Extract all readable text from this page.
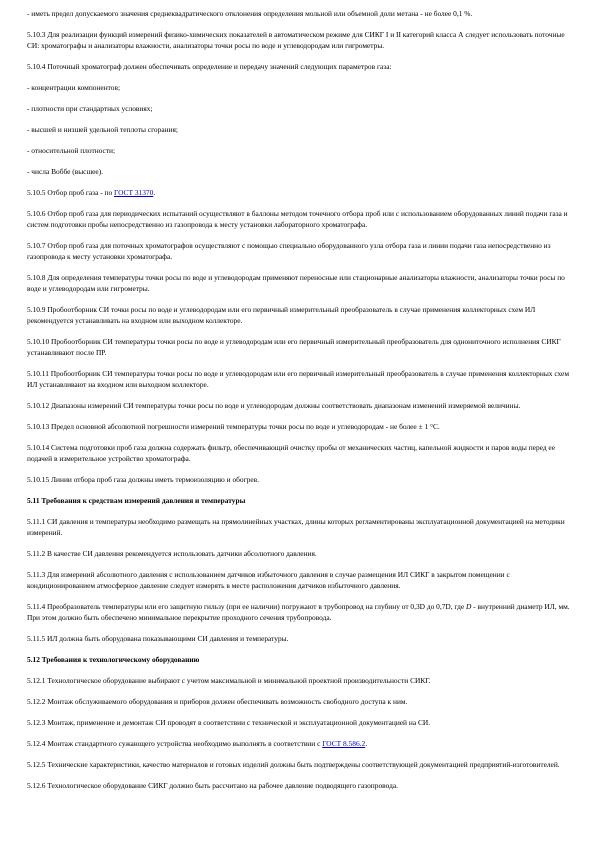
- иметь предел допускаемого значения среднеквадратического отклонения определения мольной или объемной доли метана - не более 0,1 %.

5.10.3 Для реализации функций измерений физико-химических показателей в автоматическом режиме для СИКГ I и II категорий класса А следует использовать поточные СИ: хроматографы и анализаторы влажности, анализаторы точки росы по воде и углеводородам или гигрометры.

5.10.4 Поточный хроматограф должен обеспечивать определение и передачу значений следующих параметров газа:

- концентрации компонентов;

- плотности при стандартных условиях;

- высшей и низшей удельной теплоты сгорания;

- относительной плотности;

- числа Воббе (высшее).

5.10.5 Отбор проб газа - по ГОСТ 31370.

5.10.6 Отбор проб газа для периодических испытаний осуществляют в баллоны методом точечного отбора проб или с использованием оборудованных линий подачи газа и систем подготовки пробы непосредственно из газопровода к месту установки лабораторного хроматографа.

5.10.7 Отбор проб газа для поточных хроматографов осуществляют с помощью специально оборудованного узла отбора газа и линии подачи газа непосредственно из газопровода к месту установки хроматографа.

5.10.8 Для определения температуры точки росы по воде и углеводородам применяют переносные или стационарные анализаторы влажности, анализаторы точки росы по воде и углеводородам или гигрометры.

5.10.9 Пробоотборник СИ точки росы по воде и углеводородам или его первичный измерительный преобразователь в случае применения коллекторных схем ИЛ рекомендуется устанавливать на входном или выходном коллекторе.

5.10.10 Пробоотборник СИ температуры точки росы по воде и углеводородам или его первичный измерительный преобразователь для однониточного исполнения СИКГ устанавливают после ПР.

5.10.11 Пробоотборник СИ температуры точки росы по воде и углеводородам или его первичный измерительный преобразователь в случае применения коллекторных схем ИЛ устанавливают на входном или выходном коллекторе.

5.10.12 Диапазоны измерений СИ температуры точки росы по воде и углеводородам должны соответствовать диапазонам изменений измеряемой величины.

5.10.13 Предел основной абсолютной погрешности измерений температуры точки росы по воде и углеводородам - не более ± 1 °С.

5.10.14 Система подготовки проб газа должна содержать фильтр, обеспечивающий очистку пробы от механических частиц, капельной жидкости и паров воды перед ее подачей в измерительное устройство хроматографа.

5.10.15 Линии отбора проб газа должны иметь термоизоляцию и обогрев.

5.11 Требования к средствам измерений давления и температуры

5.11.1 СИ давления и температуры необходимо размещать на прямолинейных участках, длины которых регламентированы эксплуатационной документацией на методики измерений.

5.11.2 В качестве СИ давления рекомендуется использовать датчики абсолютного давления.

5.11.3 Для измерений абсолютного давления с использованием датчиков избыточного давления в случае размещения ИЛ СИКГ в закрытом помещении с кондиционированием атмосферное давление следует измерять в месте расположения датчиков избыточного давления.

5.11.4 Преобразователь температуры или его защитную гильзу (при ее наличии) погружают в трубопровод на глубину от 0,3D до 0,7D, где D - внутренний диаметр ИЛ, мм. При этом должно быть обеспечено минимальное перекрытие проходного сечения трубопровода.

5.11.5 ИЛ должна быть оборудована показывающими СИ давления и температуры.

5.12 Требования к технологическому оборудованию

5.12.1 Технологическое оборудование выбирают с учетом максимальной и минимальной проектной производительности СИКГ.

5.12.2 Монтаж обслуживаемого оборудования и приборов должен обеспечивать возможность свободного доступа к ним.

5.12.3 Монтаж, применение и демонтаж СИ проводят в соответствии с технической и эксплуатационной документацией на СИ.

5.12.4 Монтаж стандартного сужающего устройства необходимо выполнять в соответствии с ГОСТ 8.586.2.

5.12.5 Технические характеристики, качество материалов и готовых изделий должны быть подтверждены соответствующей документацией предприятий-изготовителей.

5.12.6 Технологическое оборудование СИКГ должно быть рассчитано на рабочее давление подводящего газопровода.
